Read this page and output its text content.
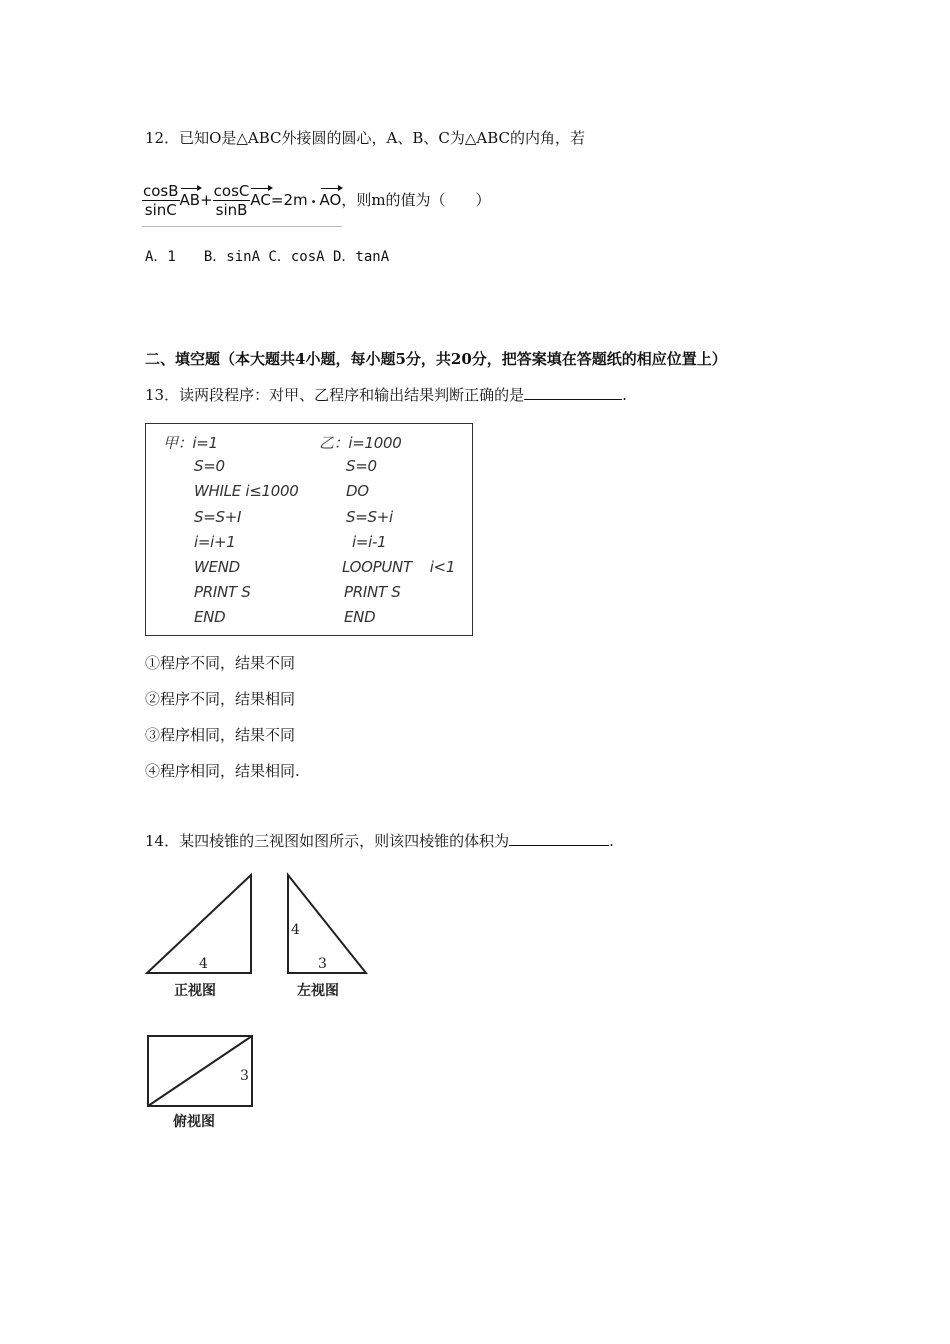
12．已知O是△ABC外接圆的圆心，A、B、C为△ABC的内角，若
$\frac{\cos B}{\sin C} AB+ \frac{\cos C}{\sin B} AC=2m$ • AO，则m的值为（　　）
A．1　　B．sinA C．cosA D．tanA
二、填空题（本大题共4小题，每小题5分，共20分，把答案填在答题纸的相应位置上）
13．读两段程序：对甲、乙程序和输出结果判断正确的是	.
甲：i=1
S=0
WHILE i≤1000
S=S+I
i=i+1
WEND
PRINT S
END
乙：i=1000
S=0
DO
S=S+i
i=i-1
LOOPUNT    i<1
PRINT S
END
①程序不同，结果不同
②程序不同，结果相同
③程序相同，结果不同
④程序相同，结果相同.
14．某四棱锥的三视图如图所示，则该四棱锥的体积为	.
4
正视图
4
3
左视图
3
俯视图
